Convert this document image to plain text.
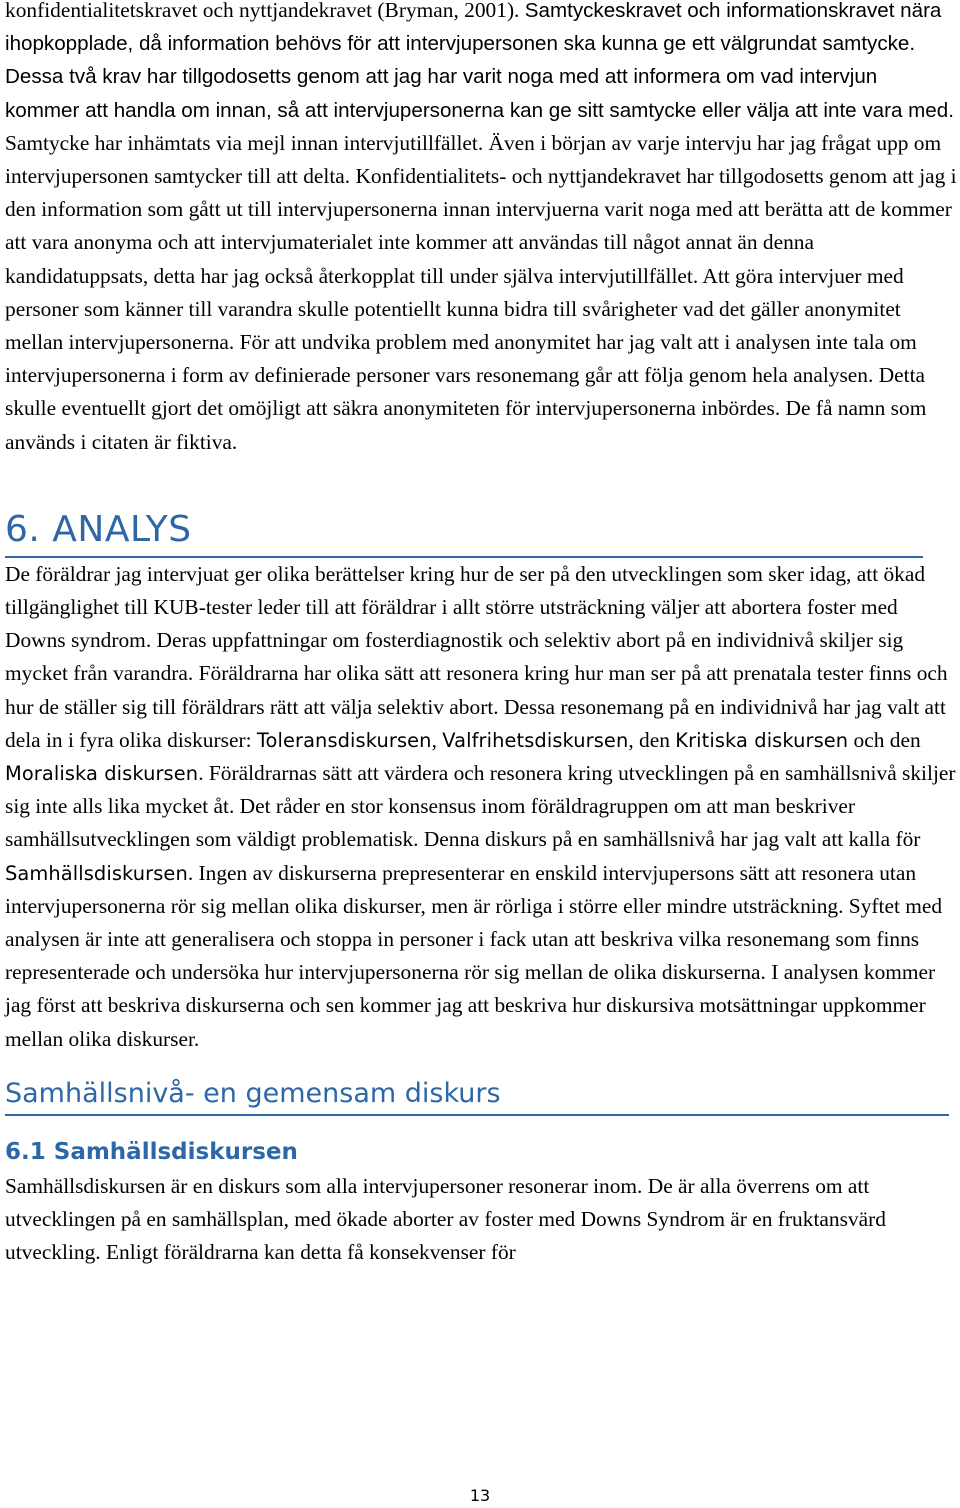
konfidentialitetskravet och nyttjandekravet (Bryman, 2001). Samtyckeskravet och informationskravet nära ihopkopplade, då information behövs för att intervjupersonen ska kunna ge ett välgrundat samtycke. Dessa två krav har tillgodosetts genom att jag har varit noga med att informera om vad intervjun kommer att handla om innan, så att intervjupersonerna kan ge sitt samtycke eller välja att inte vara med. Samtycke har inhämtats via mejl innan intervjutillfället. Även i början av varje intervju har jag frågat upp om intervjupersonen samtycker till att delta. Konfidentialitets- och nyttjandekravet har tillgodosetts genom att jag i den information som gått ut till intervjupersonerna innan intervjuerna varit noga med att berätta att de kommer att vara anonyma och att intervjumaterialet inte kommer att användas till något annat än denna kandidatuppsats, detta har jag också återkopplat till under själva intervjutillfället. Att göra intervjuer med personer som känner till varandra skulle potentiellt kunna bidra till svårigheter vad det gäller anonymitet mellan intervjupersonerna. För att undvika problem med anonymitet har jag valt att i analysen inte tala om intervjupersonerna i form av definierade personer vars resonemang går att följa genom hela analysen. Detta skulle eventuellt gjort det omöjligt att säkra anonymiteten för intervjupersonerna inbördes. De få namn som används i citaten är fiktiva.

6. ANALYS

De föräldrar jag intervjuat ger olika berättelser kring hur de ser på den utvecklingen som sker idag, att ökad tillgänglighet till KUB-tester leder till att föräldrar i allt större utsträckning väljer att abortera foster med Downs syndrom. Deras uppfattningar om fosterdiagnostik och selektiv abort på en individnivå skiljer sig mycket från varandra. Föräldrarna har olika sätt att resonera kring hur man ser på att prenatala tester finns och hur de ställer sig till föräldrars rätt att välja selektiv abort. Dessa resonemang på en individnivå har jag valt att dela in i fyra olika diskurser: Toleransdiskursen, Valfrihetsdiskursen, den Kritiska diskursen och den Moraliska diskursen. Föräldrarnas sätt att värdera och resonera kring utvecklingen på en samhällsnivå skiljer sig inte alls lika mycket åt. Det råder en stor konsensus inom föräldragruppen om att man beskriver samhällsutvecklingen som väldigt problematisk. Denna diskurs på en samhällsnivå har jag valt att kalla för Samhällsdiskursen. Ingen av diskurserna prepresenterar en enskild intervjupersons sätt att resonera utan intervjupersonerna rör sig mellan olika diskurser, men är rörliga i större eller mindre utsträckning. Syftet med analysen är inte att generalisera och stoppa in personer i fack utan att beskriva vilka resonemang som finns representerade och undersöka hur intervjupersonerna rör sig mellan de olika diskurserna. I analysen kommer jag först att beskriva diskurserna och sen kommer jag att beskriva hur diskursiva motsättningar uppkommer mellan olika diskurser.

Samhällsnivå- en gemensam diskurs
6.1 Samhällsdiskursen

Samhällsdiskursen är en diskurs som alla intervjupersoner resonerar inom. De är alla överrens om att utvecklingen på en samhällsplan, med ökade aborter av foster med Downs Syndrom är en fruktansvärd utveckling. Enligt föräldrarna kan detta få konsekvenser för

13
